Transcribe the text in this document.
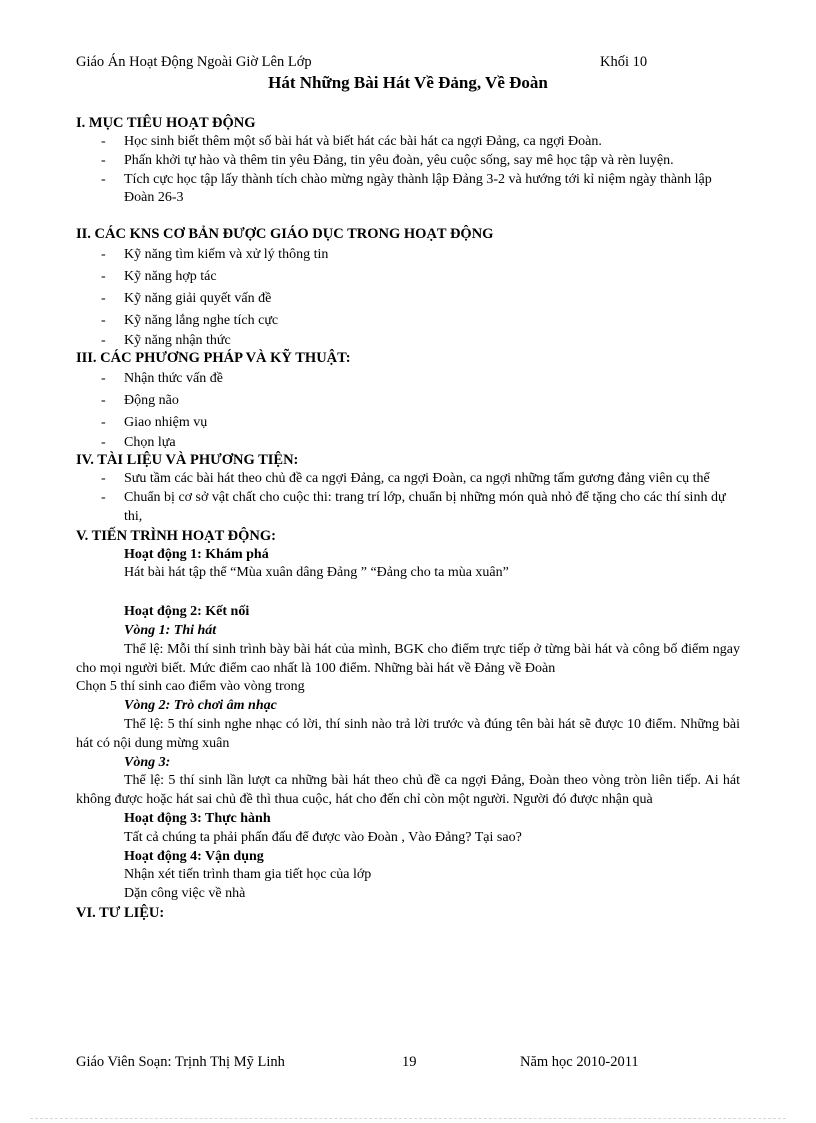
Giáo Án Hoạt Động Ngoài Giờ Lên Lớp	Khối 10
Hát Những Bài Hát Về Đảng, Về Đoàn
I. MỤC TIÊU HOẠT ĐỘNG
- Học sinh biết thêm một số bài hát và biết hát các bài hát ca ngợi Đảng, ca ngợi Đoàn.
- Phấn khởi tự hào và thêm tin yêu Đảng, tin yêu đoàn, yêu cuộc sống, say mê học tập và rèn luyện.
- Tích cực học tập lấy thành tích chào mừng ngày thành lập Đảng 3-2 và hướng tới kỉ niệm ngày thành lập Đoàn 26-3
II. CÁC KNS CƠ BẢN ĐƯỢC GIÁO DỤC TRONG HOẠT ĐỘNG
- Kỹ năng tìm kiếm và xử lý thông tin
- Kỹ năng hợp tác
- Kỹ năng giải quyết vấn đề
- Kỹ năng lắng nghe tích cực
- Kỹ năng nhận thức
III. CÁC PHƯƠNG PHÁP VÀ KỸ THUẬT:
- Nhận thức vấn đề
- Động não
- Giao nhiệm vụ
- Chọn lựa
IV. TÀI LIỆU VÀ PHƯƠNG TIỆN:
- Sưu tầm các bài hát theo chủ đề ca ngợi Đảng, ca ngợi Đoàn, ca ngợi những tấm gương đảng viên cụ thể
- Chuẩn bị cơ sở vật chất cho cuộc thi: trang trí lớp, chuẩn bị những món quà nhỏ để tặng cho các thí sinh dự thi,
V. TIẾN TRÌNH HOẠT ĐỘNG:

Hoạt động 1: Khám phá

Hát bài hát tập thể “Mùa xuân dâng Đảng ” “Đảng cho ta mùa xuân”

Hoạt động 2: Kết nối

Vòng 1: Thi hát

Thể lệ: Mỗi thí sinh trình bày bài hát của mình, BGK cho điểm trực tiếp ở từng bài hát và công bố điểm ngay cho mọi người biết. Mức điểm cao nhất là 100 điểm. Những bài hát về Đảng về Đoàn

Chọn 5 thí sinh cao điểm vào vòng trong

Vòng 2: Trò chơi âm nhạc

Thể lệ: 5 thí sinh nghe nhạc có lời, thí sinh nào trả lời trước và đúng tên bài hát sẽ được 10 điểm. Những bài hát có nội dung mừng xuân

Vòng 3:

Thể lệ: 5 thí sinh lần lượt ca những bài hát theo chủ đề ca ngợi Đảng, Đoàn theo vòng tròn liên tiếp. Ai hát không được hoặc hát sai chủ đề thì thua cuộc, hát cho đến chỉ còn một người. Người đó được nhận quà

Hoạt động 3: Thực hành

Tất cả chúng ta phải phấn đấu để được vào Đoàn , Vào Đảng? Tại sao?

Hoạt động 4: Vận dụng

Nhận xét tiến trình tham gia tiết học của lớp

Dặn công việc về nhà

VI. TƯ LIỆU:
Giáo Viên Soạn: Trịnh Thị Mỹ Linh	19	Năm học 2010-2011
